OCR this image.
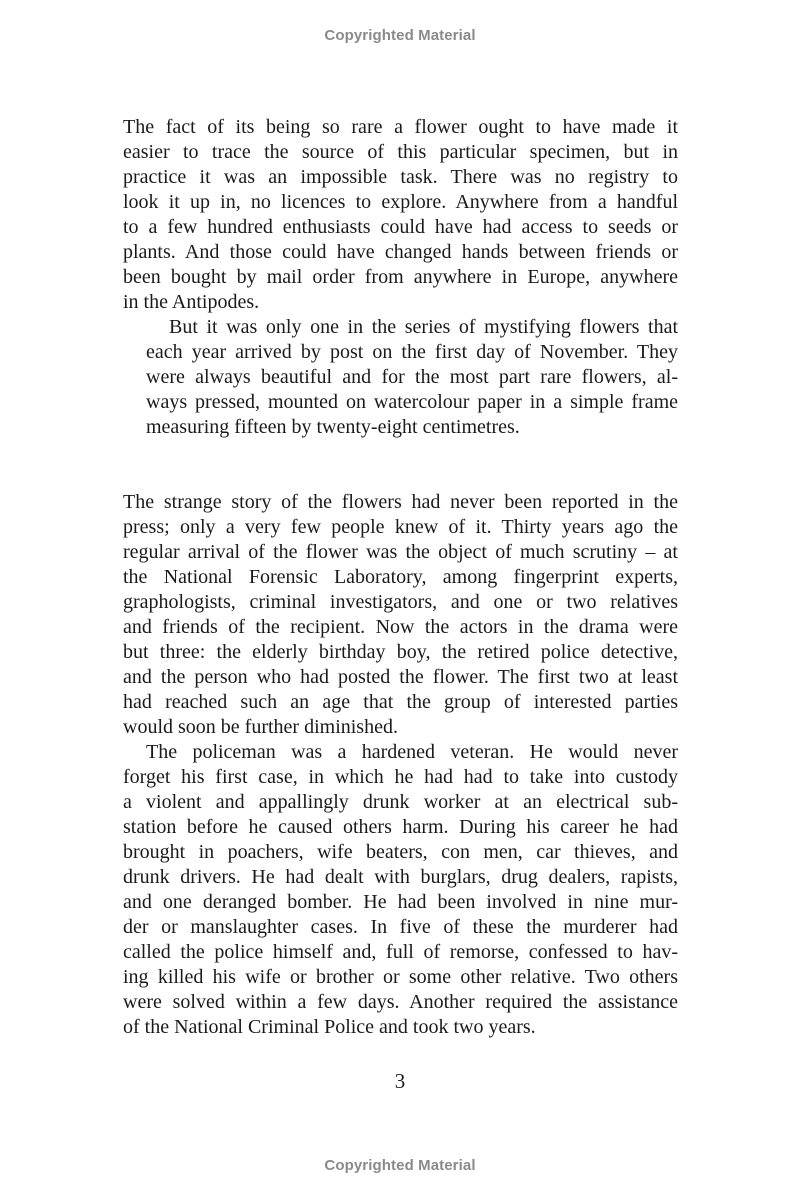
Copyrighted Material

The fact of its being so rare a flower ought to have made it
easier to trace the source of this particular specimen, but in
practice it was an impossible task. There was no registry to
look it up in, no licences to explore. Anywhere from a handful
to a few hundred enthusiasts could have had access to seeds or
plants. And those could have changed hands between friends or
been bought by mail order from anywhere in Europe, anywhere
in the Antipodes.

But it was only one in the series of mystifying flowers that
each year arrived by post on the first day of November. They
were always beautiful and for the most part rare flowers, al-
ways pressed, mounted on watercolour paper in a simple frame
measuring fifteen by twenty-eight centimetres.

The strange story of the flowers had never been reported in the
press; only a very few people knew of it. Thirty years ago the
regular arrival of the flower was the object of much scrutiny – at
the National Forensic Laboratory, among fingerprint experts,
graphologists, criminal investigators, and one or two relatives
and friends of the recipient. Now the actors in the drama were
but three: the elderly birthday boy, the retired police detective,
and the person who had posted the flower. The first two at least
had reached such an age that the group of interested parties
would soon be further diminished.

The policeman was a hardened veteran. He would never
forget his first case, in which he had had to take into custody
a violent and appallingly drunk worker at an electrical sub-
station before he caused others harm. During his career he had
brought in poachers, wife beaters, con men, car thieves, and
drunk drivers. He had dealt with burglars, drug dealers, rapists,
and one deranged bomber. He had been involved in nine mur-
der or manslaughter cases. In five of these the murderer had
called the police himself and, full of remorse, confessed to hav-
ing killed his wife or brother or some other relative. Two others
were solved within a few days. Another required the assistance
of the National Criminal Police and took two years.

3
Copyrighted Material
